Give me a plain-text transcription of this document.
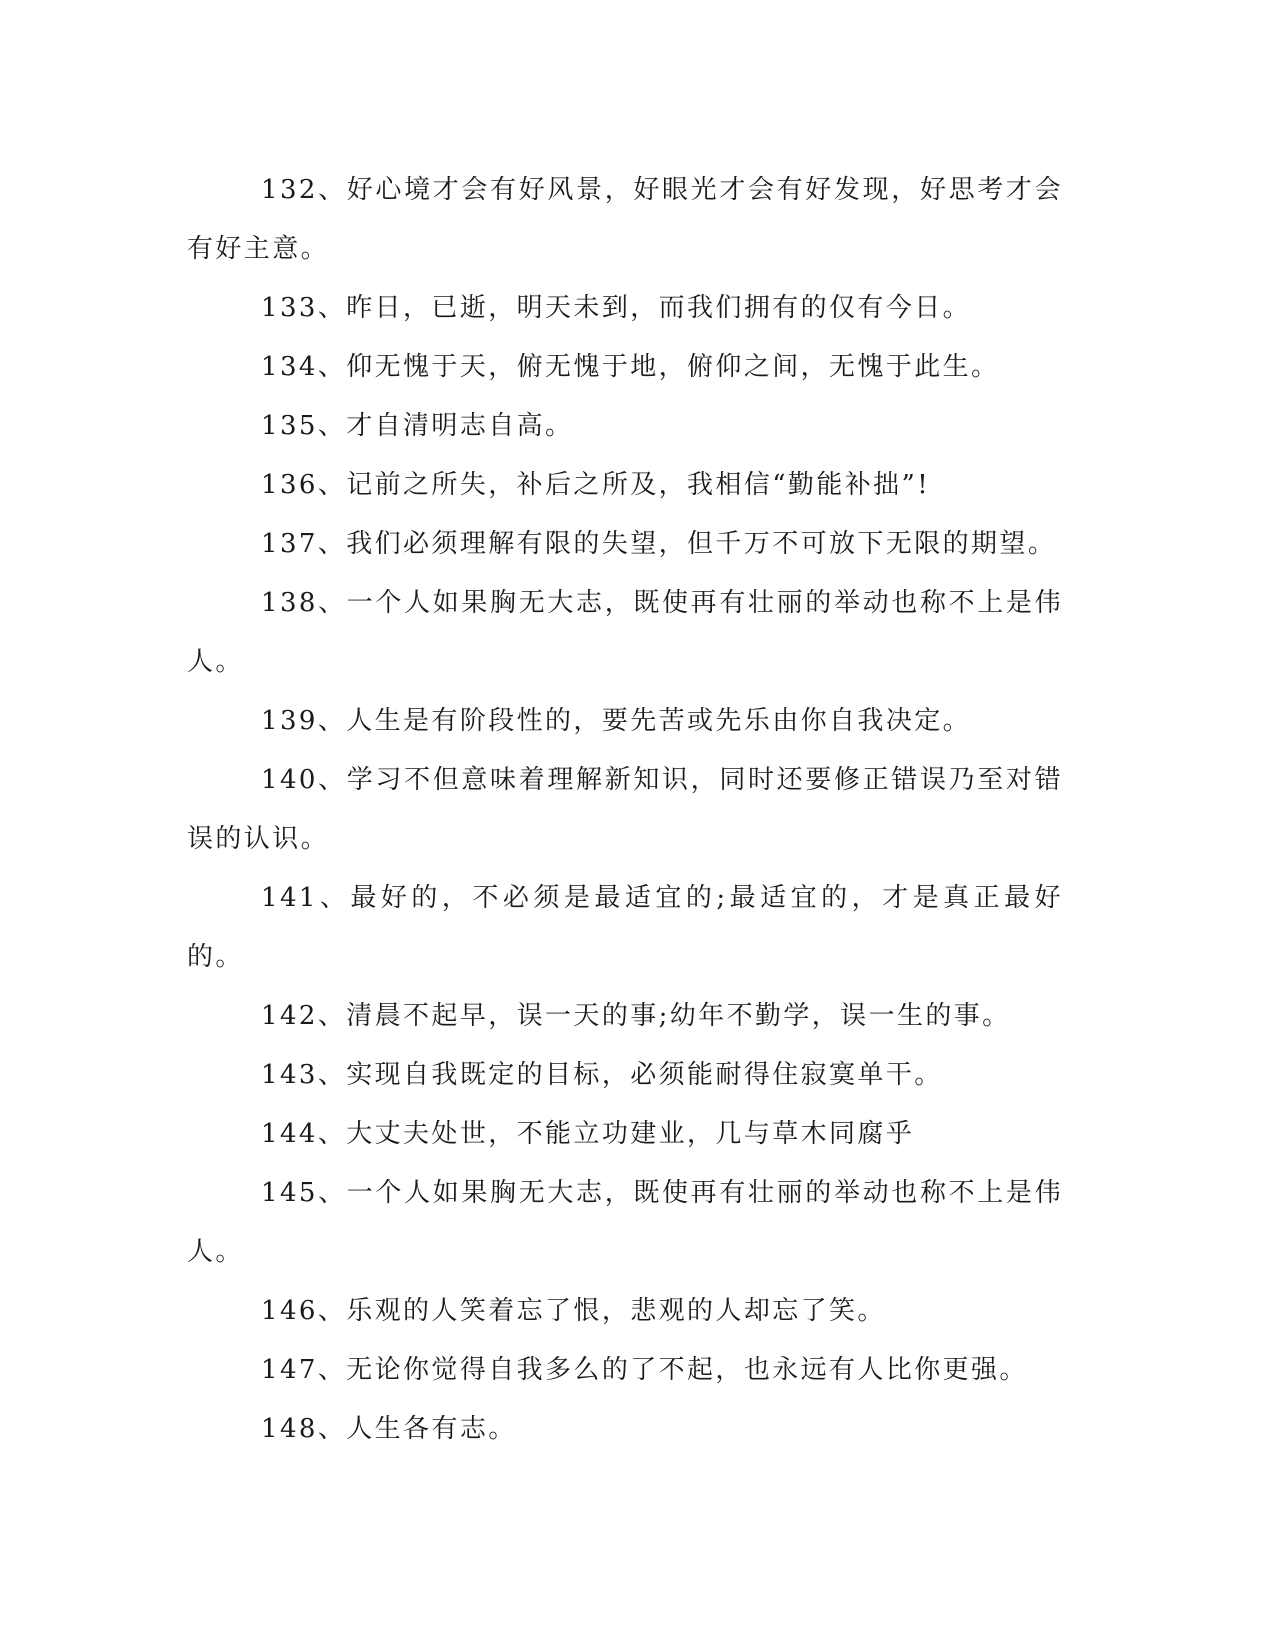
132、好心境才会有好风景，好眼光才会有好发现，好思考才会有好主意。

133、昨日，已逝，明天未到，而我们拥有的仅有今日。

134、仰无愧于天，俯无愧于地，俯仰之间，无愧于此生。

135、才自清明志自高。

136、记前之所失，补后之所及，我相信“勤能补拙”!

137、我们必须理解有限的失望，但千万不可放下无限的期望。

138、一个人如果胸无大志，既使再有壮丽的举动也称不上是伟人。

139、人生是有阶段性的，要先苦或先乐由你自我决定。

140、学习不但意味着理解新知识，同时还要修正错误乃至对错误的认识。

141、最好的，不必须是最适宜的;最适宜的，才是真正最好的。

142、清晨不起早，误一天的事;幼年不勤学，误一生的事。

143、实现自我既定的目标，必须能耐得住寂寞单干。

144、大丈夫处世，不能立功建业，几与草木同腐乎

145、一个人如果胸无大志，既使再有壮丽的举动也称不上是伟人。

146、乐观的人笑着忘了恨，悲观的人却忘了笑。

147、无论你觉得自我多么的了不起，也永远有人比你更强。

148、人生各有志。
